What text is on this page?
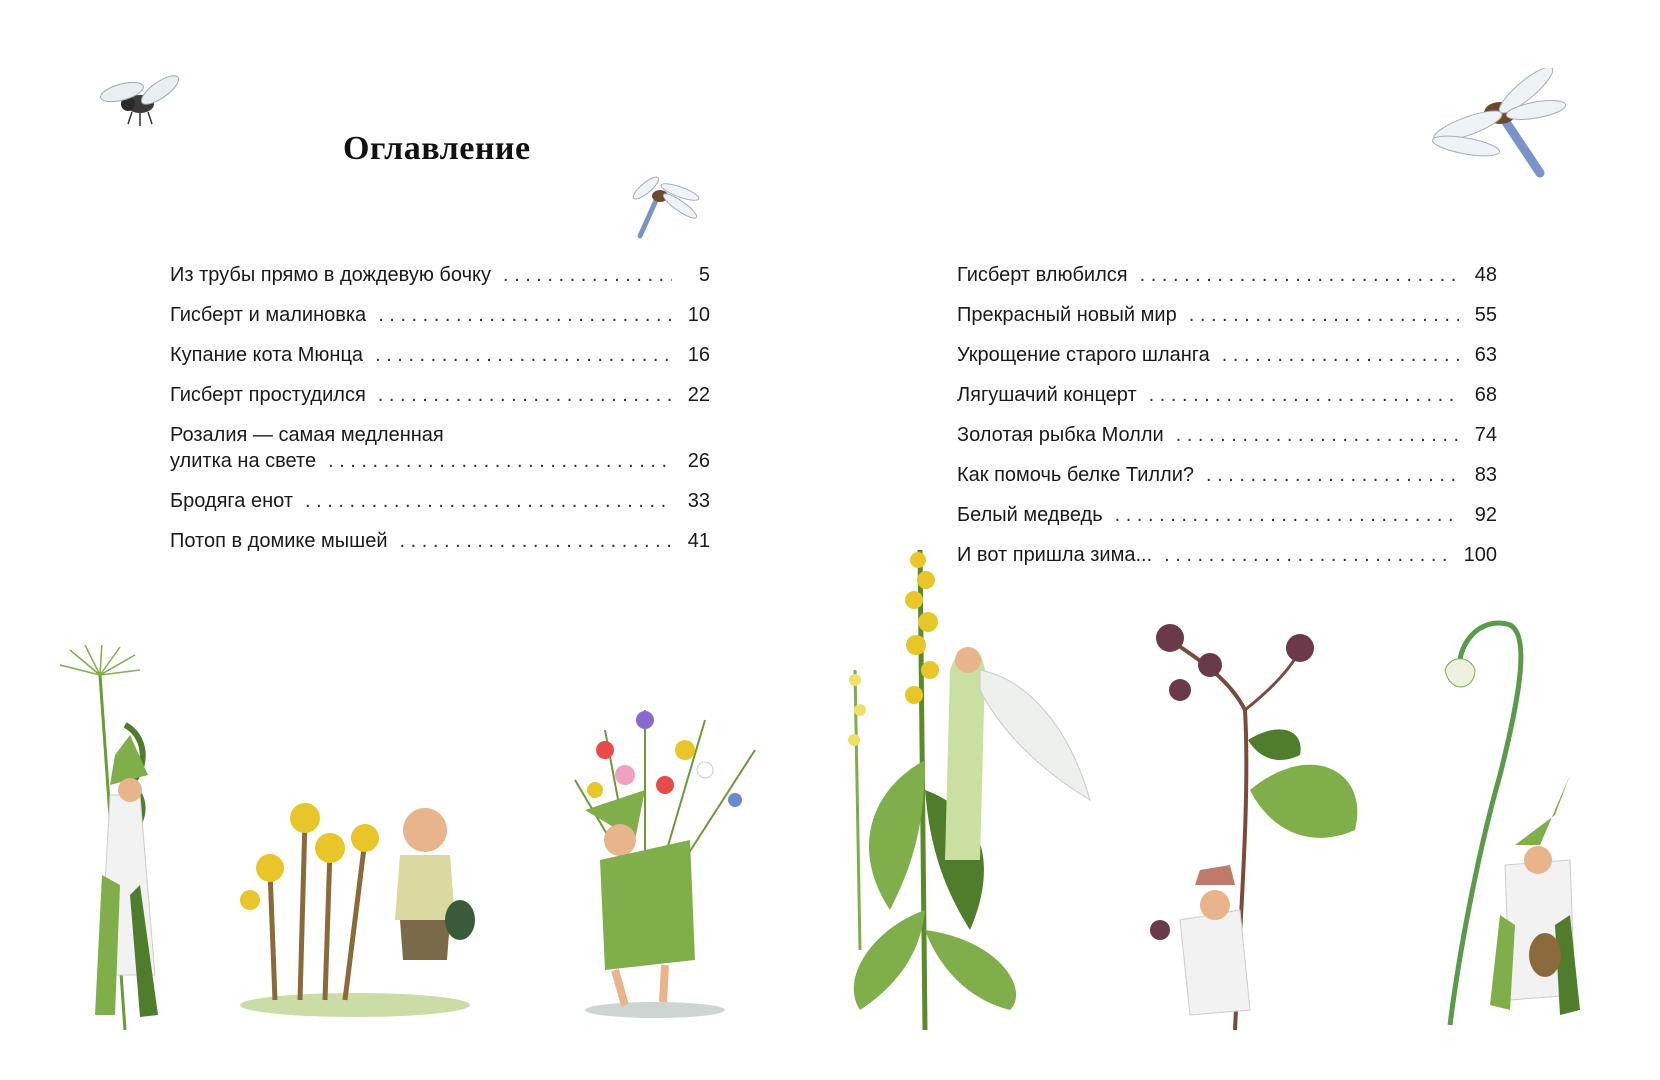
Оглавление
Из трубы прямо в дождевую бочку . . .	5
Гисберт и малиновка . . .	10
Купание кота Мюнца . . .	16
Гисберт простудился . . .	22
Розалия — самая медленная
улитка на свете . . .	26
Бродяга енот . . .	33
Потоп в домике мышей . . .	41
Гисберт влюбился . . .	48
Прекрасный новый мир . . .	55
Укрощение старого шланга . . .	63
Лягушачий концерт . . .	68
Золотая рыбка Молли . . .	74
Как помочь белке Тилли? . . .	83
Белый медведь . . .	92
И вот пришла зима... . . .	100
